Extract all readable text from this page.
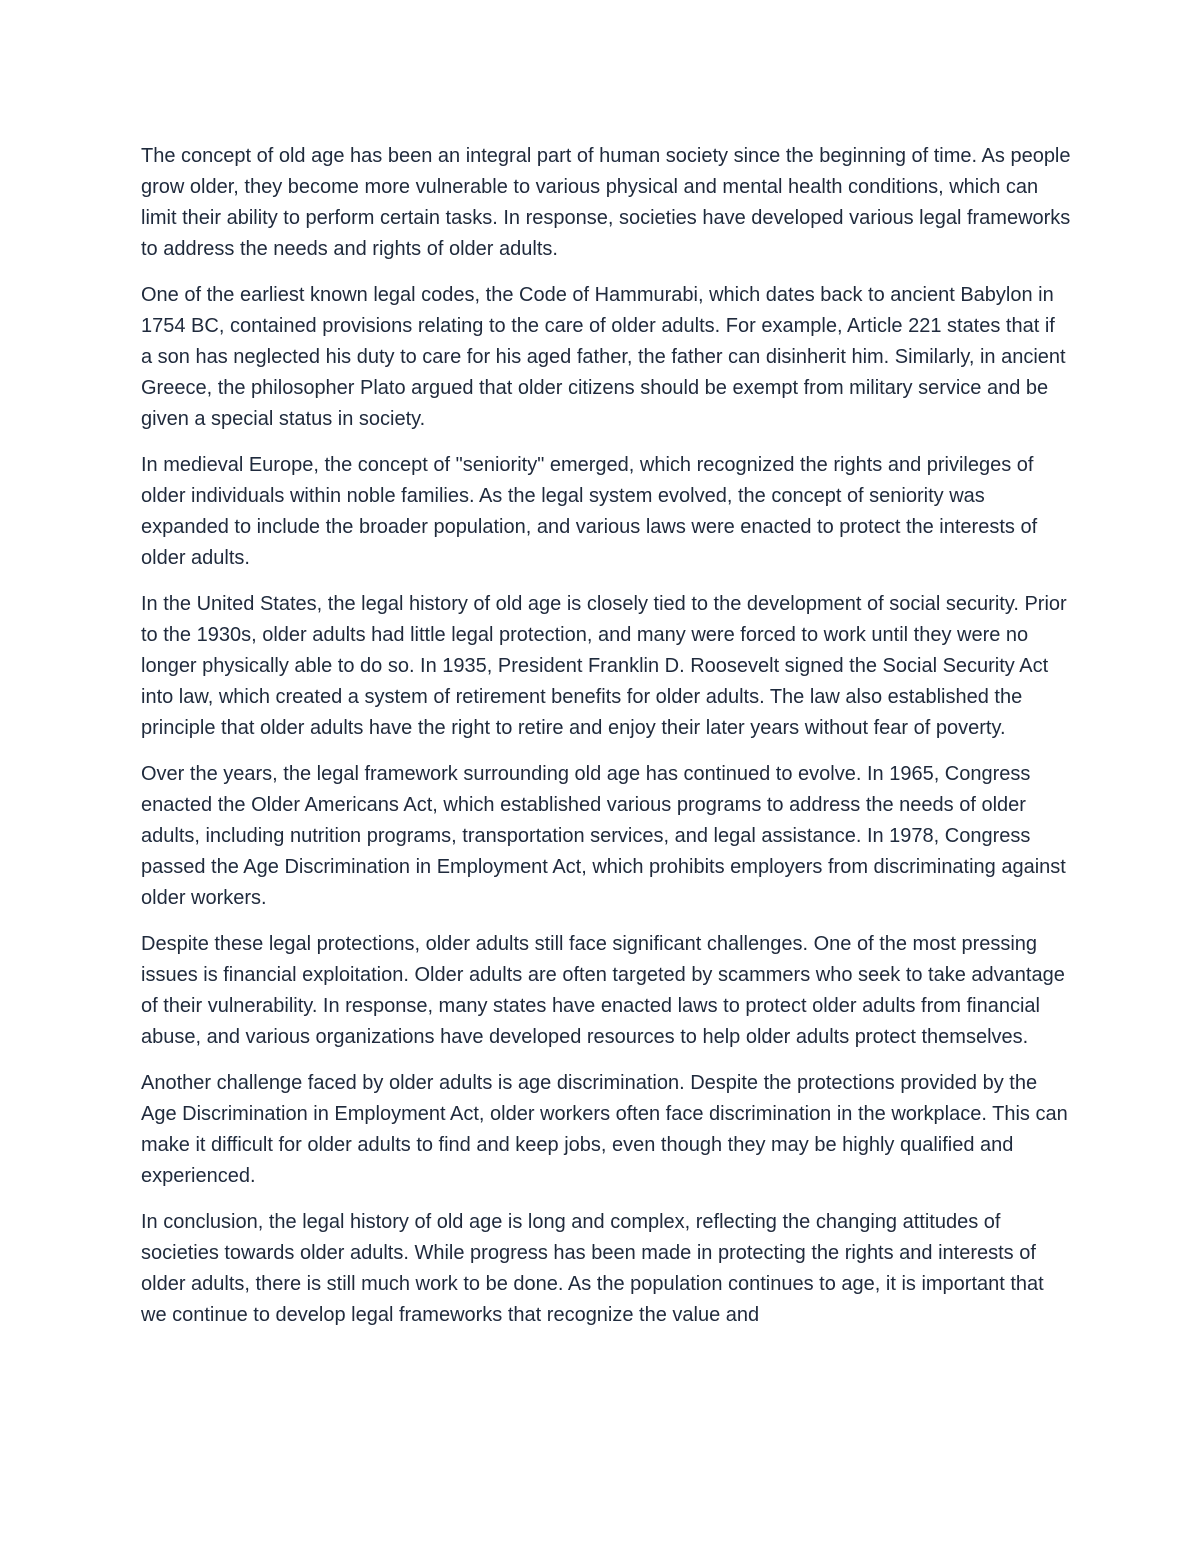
The concept of old age has been an integral part of human society since the beginning of time. As people grow older, they become more vulnerable to various physical and mental health conditions, which can limit their ability to perform certain tasks. In response, societies have developed various legal frameworks to address the needs and rights of older adults.

One of the earliest known legal codes, the Code of Hammurabi, which dates back to ancient Babylon in 1754 BC, contained provisions relating to the care of older adults. For example, Article 221 states that if a son has neglected his duty to care for his aged father, the father can disinherit him. Similarly, in ancient Greece, the philosopher Plato argued that older citizens should be exempt from military service and be given a special status in society.

In medieval Europe, the concept of "seniority" emerged, which recognized the rights and privileges of older individuals within noble families. As the legal system evolved, the concept of seniority was expanded to include the broader population, and various laws were enacted to protect the interests of older adults.

In the United States, the legal history of old age is closely tied to the development of social security. Prior to the 1930s, older adults had little legal protection, and many were forced to work until they were no longer physically able to do so. In 1935, President Franklin D. Roosevelt signed the Social Security Act into law, which created a system of retirement benefits for older adults. The law also established the principle that older adults have the right to retire and enjoy their later years without fear of poverty.

Over the years, the legal framework surrounding old age has continued to evolve. In 1965, Congress enacted the Older Americans Act, which established various programs to address the needs of older adults, including nutrition programs, transportation services, and legal assistance. In 1978, Congress passed the Age Discrimination in Employment Act, which prohibits employers from discriminating against older workers.

Despite these legal protections, older adults still face significant challenges. One of the most pressing issues is financial exploitation. Older adults are often targeted by scammers who seek to take advantage of their vulnerability. In response, many states have enacted laws to protect older adults from financial abuse, and various organizations have developed resources to help older adults protect themselves.

Another challenge faced by older adults is age discrimination. Despite the protections provided by the Age Discrimination in Employment Act, older workers often face discrimination in the workplace. This can make it difficult for older adults to find and keep jobs, even though they may be highly qualified and experienced.

In conclusion, the legal history of old age is long and complex, reflecting the changing attitudes of societies towards older adults. While progress has been made in protecting the rights and interests of older adults, there is still much work to be done. As the population continues to age, it is important that we continue to develop legal frameworks that recognize the value and
